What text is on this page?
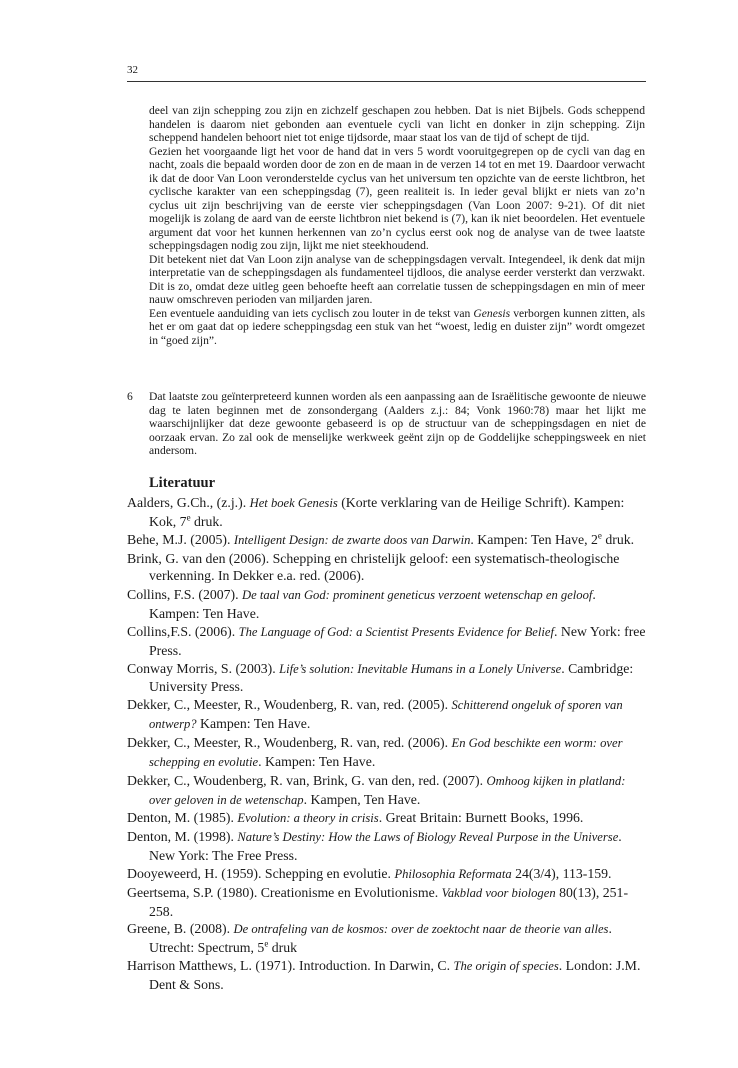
32

deel van zijn schepping zou zijn en zichzelf geschapen zou hebben. Dat is niet Bijbels. Gods scheppend handelen is daarom niet gebonden aan eventuele cycli van licht en donker in zijn schepping. Zijn scheppend handelen behoort niet tot enige tijdsorde, maar staat los van de tijd of schept de tijd.

Gezien het voorgaande ligt het voor de hand dat in vers 5 wordt vooruitgegrepen op de cycli van dag en nacht, zoals die bepaald worden door de zon en de maan in de verzen 14 tot en met 19. Daardoor verwacht ik dat de door Van Loon veronderstelde cyclus van het universum ten opzichte van de eerste lichtbron, het cyclische karakter van een scheppingsdag (7), geen realiteit is. In ieder geval blijkt er niets van zo’n cyclus uit zijn beschrijving van de eerste vier scheppingsdagen (Van Loon 2007: 9-21). Of dit niet mogelijk is zolang de aard van de eerste lichtbron niet bekend is (7), kan ik niet beoordelen. Het eventuele argument dat voor het kunnen herkennen van zo’n cyclus eerst ook nog de analyse van de twee laatste scheppingsdagen nodig zou zijn, lijkt me niet steekhoudend.

Dit betekent niet dat Van Loon zijn analyse van de scheppingsdagen vervalt. Integendeel, ik denk dat mijn interpretatie van de scheppingsdagen als fundamenteel tijdloos, die analyse eerder versterkt dan verzwakt. Dit is zo, omdat deze uitleg geen behoefte heeft aan correlatie tussen de scheppingsdagen en min of meer nauw omschreven perioden van miljarden jaren.

Een eventuele aanduiding van iets cyclisch zou louter in de tekst van Genesis verborgen kunnen zitten, als het er om gaat dat op iedere scheppingsdag een stuk van het “woest, ledig en duister zijn” wordt omgezet in “goed zijn”.

6 Dat laatste zou geïnterpreteerd kunnen worden als een aanpassing aan de Israëlitische gewoonte de nieuwe dag te laten beginnen met de zonsondergang (Aalders z.j.: 84; Vonk 1960:78) maar het lijkt me waarschijnlijker dat deze gewoonte gebaseerd is op de structuur van de scheppingsdagen en niet de oorzaak ervan. Zo zal ook de menselijke werkweek geënt zijn op de Goddelijke scheppingsweek en niet andersom.
Literatuur
Aalders, G.Ch., (z.j.). Het boek Genesis (Korte verklaring van de Heilige Schrift). Kampen: Kok, 7e druk.
Behe, M.J. (2005). Intelligent Design: de zwarte doos van Darwin. Kampen: Ten Have, 2e druk.
Brink, G. van den (2006). Schepping en christelijk geloof: een systematisch-theologische verkenning. In Dekker e.a. red. (2006).
Collins, F.S. (2007). De taal van God: prominent geneticus verzoent wetenschap en geloof. Kampen: Ten Have.
Collins,F.S. (2006). The Language of God: a Scientist Presents Evidence for Belief. New York: free Press.
Conway Morris, S. (2003). Life’s solution: Inevitable Humans in a Lonely Universe. Cambridge: University Press.
Dekker, C., Meester, R., Woudenberg, R. van, red. (2005). Schitterend ongeluk of sporen van ontwerp? Kampen: Ten Have.
Dekker, C., Meester, R., Woudenberg, R. van, red. (2006). En God beschikte een worm: over schepping en evolutie. Kampen: Ten Have.
Dekker, C., Woudenberg, R. van, Brink, G. van den, red. (2007). Omhoog kijken in platland: over geloven in de wetenschap. Kampen, Ten Have.
Denton, M. (1985). Evolution: a theory in crisis. Great Britain: Burnett Books, 1996.
Denton, M. (1998). Nature’s Destiny: How the Laws of Biology Reveal Purpose in the Universe. New York: The Free Press.
Dooyeweerd, H. (1959). Schepping en evolutie. Philosophia Reformata 24(3/4), 113-159.
Geertsema, S.P. (1980). Creationisme en Evolutionisme. Vakblad voor biologen 80(13), 251-258.
Greene, B. (2008). De ontrafeling van de kosmos: over de zoektocht naar de theorie van alles. Utrecht: Spectrum, 5e druk
Harrison Matthews, L. (1971). Introduction. In Darwin, C. The origin of species. London: J.M. Dent & Sons.
